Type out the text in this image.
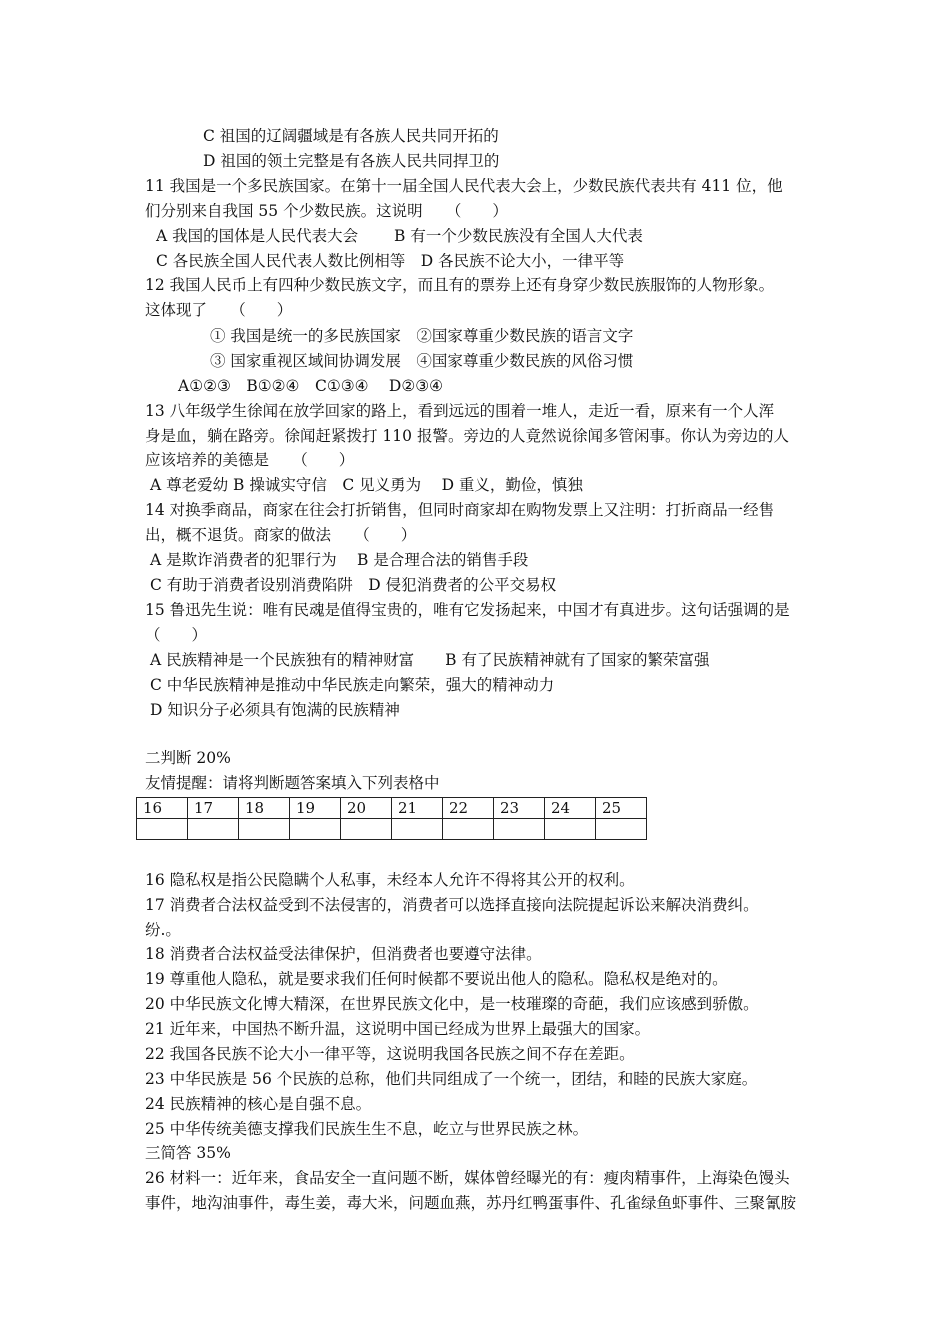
C 祖国的辽阔疆域是有各族人民共同开拓的
D 祖国的领土完整是有各族人民共同捍卫的
11 我国是一个多民族国家。在第十一届全国人民代表大会上，少数民族代表共有 411 位，他
们分别来自我国 55 个少数民族。这说明　　（　　）
A 我国的国体是人民代表大会　　 B 有一个少数民族没有全国人大代表
C 各民族全国人民代表人数比例相等　D 各民族不论大小，一律平等
12 我国人民币上有四种少数民族文字，而且有的票券上还有身穿少数民族服饰的人物形象。
这体现了　　（　　）
① 我国是统一的多民族国家　②国家尊重少数民族的语言文字
③ 国家重视区域间协调发展　④国家尊重少数民族的风俗习惯
A①②③　B①②④　C①③④　 D②③④
13 八年级学生徐闻在放学回家的路上，看到远远的围着一堆人，走近一看，原来有一个人浑
身是血，躺在路旁。徐闻赶紧拨打 110 报警。旁边的人竟然说徐闻多管闲事。你认为旁边的人
应该培养的美德是　　（　　）
A 尊老爱幼 B 操诚实守信　C 见义勇为　 D 重义，勤俭，慎独
14 对换季商品，商家在往会打折销售，但同时商家却在购物发票上又注明：打折商品一经售
出，概不退货。商家的做法　　（　　）
A 是欺诈消费者的犯罪行为　 B 是合理合法的销售手段
C 有助于消费者设别消费陷阱　D 侵犯消费者的公平交易权
15 鲁迅先生说：唯有民魂是值得宝贵的，唯有它发扬起来，中国才有真进步。这句话强调的是
（　　）
A 民族精神是一个民族独有的精神财富　　B 有了民族精神就有了国家的繁荣富强
C 中华民族精神是推动中华民族走向繁荣，强大的精神动力
D 知识分子必须具有饱满的民族精神
二判断 20%
友情提醒：请将判断题答案填入下列表格中
16	17	18	19	20	21	22	23	24	25

16 隐私权是指公民隐瞒个人私事，未经本人允许不得将其公开的权利。
17 消费者合法权益受到不法侵害的，消费者可以选择直接向法院提起诉讼来解决消费纠。
纷.。
18 消费者合法权益受法律保护，但消费者也要遵守法律。
19 尊重他人隐私，就是要求我们任何时候都不要说出他人的隐私。隐私权是绝对的。
20 中华民族文化博大精深，在世界民族文化中，是一枝璀璨的奇葩，我们应该感到骄傲。
21 近年来，中国热不断升温，这说明中国已经成为世界上最强大的国家。
22 我国各民族不论大小一律平等，这说明我国各民族之间不存在差距。
23 中华民族是 56 个民族的总称，他们共同组成了一个统一，团结，和睦的民族大家庭。
24 民族精神的核心是自强不息。
25 中华传统美德支撑我们民族生生不息，屹立与世界民族之林。
三简答 35%
26 材料一：近年来，食品安全一直问题不断，媒体曾经曝光的有：瘦肉精事件，上海染色馒头
事件，地沟油事件，毒生姜，毒大米，问题血燕，苏丹红鸭蛋事件、孔雀绿鱼虾事件、三聚氰胺
